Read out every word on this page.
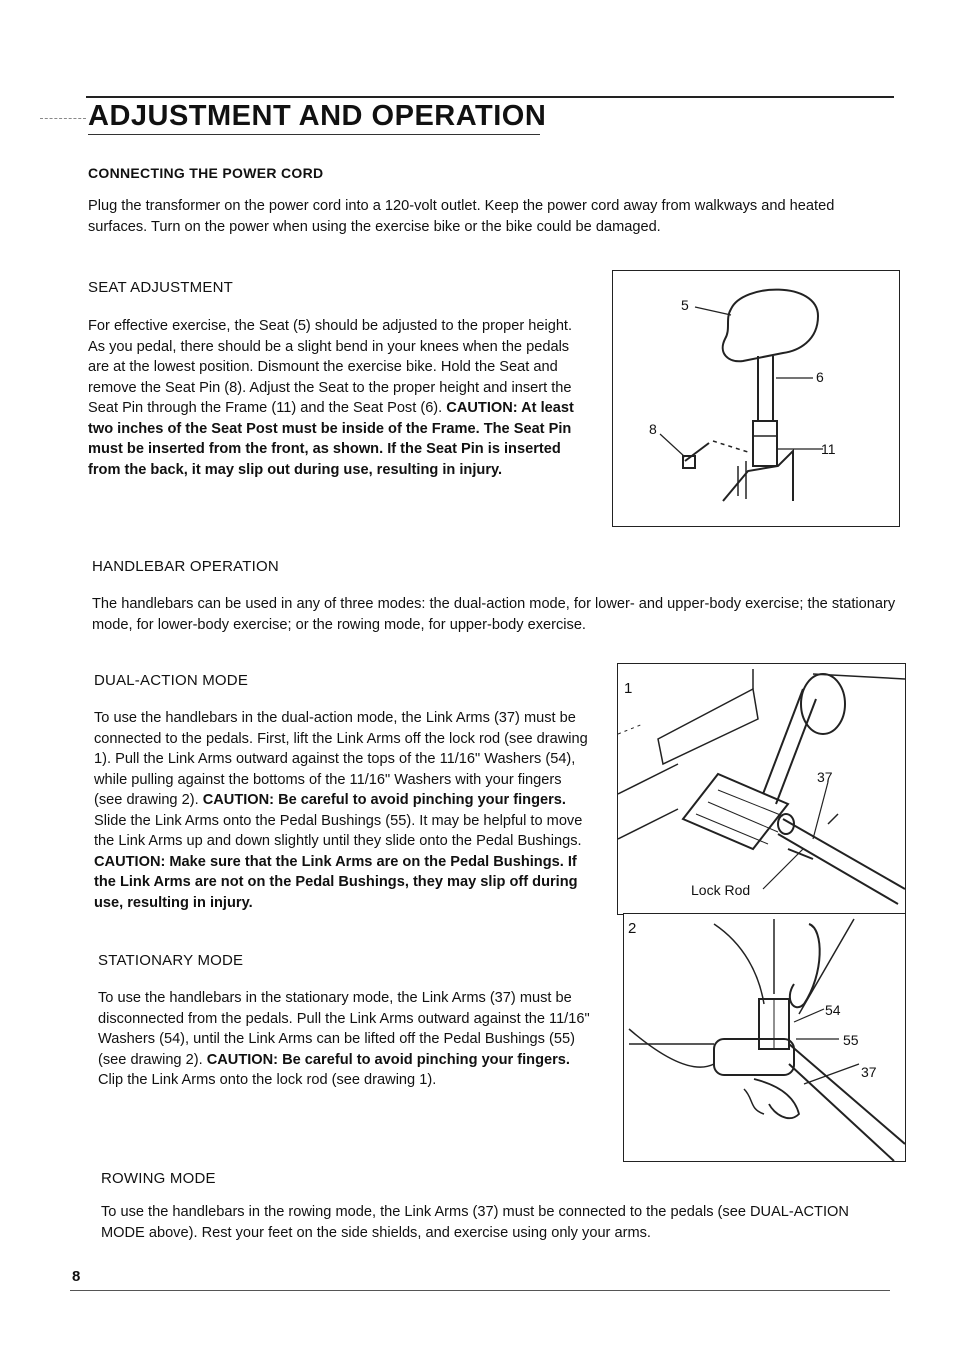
ADJUSTMENT AND OPERATION
CONNECTING THE POWER CORD
Plug the transformer on the power cord into a 120-volt outlet. Keep the power cord away from walkways and heated surfaces. Turn on the power when using the exercise bike or the bike could be damaged.
SEAT ADJUSTMENT
For effective exercise, the Seat (5) should be adjusted to the proper height. As you pedal, there should be a slight bend in your knees when the pedals are at the lowest position. Dismount the exercise bike. Hold the Seat and remove the Seat Pin (8). Adjust the Seat to the proper height and insert the Seat Pin through the Frame (11) and the Seat Post (6). CAUTION: At least two inches of the Seat Post must be inside of the Frame. The Seat Pin must be inserted from the front, as shown. If the Seat Pin is inserted from the back, it may slip out during use, resulting in injury.
5
6
8
11
HANDLEBAR OPERATION
The handlebars can be used in any of three modes: the dual-action mode, for lower- and upper-body exercise; the stationary mode, for lower-body exercise; or the rowing mode, for upper-body exercise.
DUAL-ACTION MODE
To use the handlebars in the dual-action mode, the Link Arms (37) must be connected to the pedals. First, lift the Link Arms off the lock rod (see drawing 1). Pull the Link Arms outward against the tops of the 11/16" Washers (54), while pulling against the bottoms of the 11/16" Washers with your fingers (see drawing 2). CAUTION: Be careful to avoid pinching your fingers. Slide the Link Arms onto the Pedal Bushings (55). It may be helpful to move the Link Arms up and down slightly until they slide onto the Pedal Bushings. CAUTION: Make sure that the Link Arms are on the Pedal Bushings. If the Link Arms are not on the Pedal Bushings, they may slip off during use, resulting in injury.
STATIONARY MODE
To use the handlebars in the stationary mode, the Link Arms (37) must be disconnected from the pedals. Pull the Link Arms outward against the 11/16" Washers (54), until the Link Arms can be lifted off the Pedal Bushings (55) (see drawing 2). CAUTION: Be careful to avoid pinching your fingers. Clip the Link Arms onto the lock rod (see drawing 1).
1
37
Lock Rod
2
54
55
37
ROWING MODE
To use the handlebars in the rowing mode, the Link Arms (37) must be connected to the pedals (see DUAL-ACTION MODE above). Rest your feet on the side shields, and exercise using only your arms.
8
